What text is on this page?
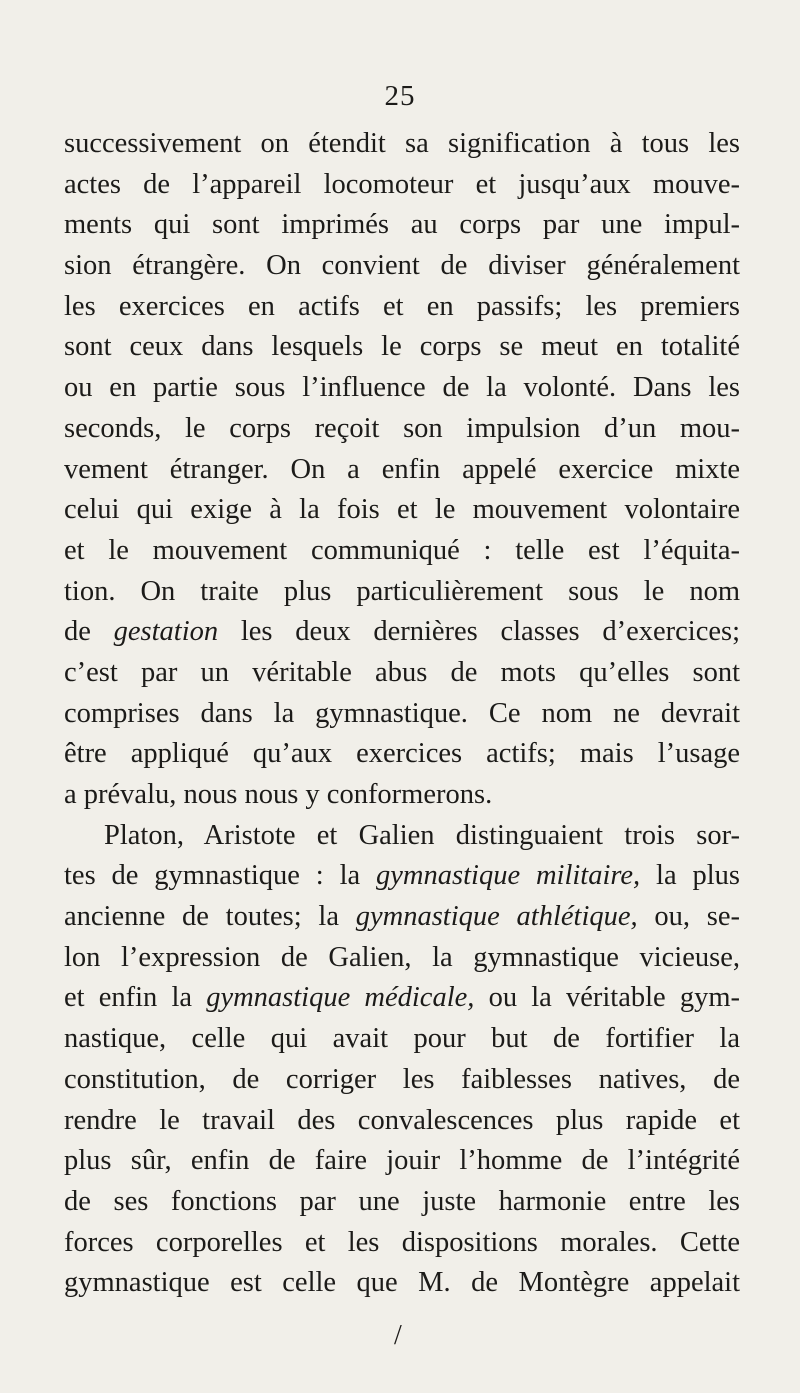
25
successivement on étendit sa signification à tous les
actes de l’appareil locomoteur et jusqu’aux mouve-
ments qui sont imprimés au corps par une impul-
sion étrangère. On convient de diviser généralement
les exercices en actifs et en passifs; les premiers
sont ceux dans lesquels le corps se meut en totalité
ou en partie sous l’influence de la volonté. Dans les
seconds, le corps reçoit son impulsion d’un mou-
vement étranger. On a enfin appelé exercice mixte
celui qui exige à la fois et le mouvement volontaire
et le mouvement communiqué : telle est l’équita-
tion. On traite plus particulièrement sous le nom
de gestation les deux dernières classes d’exercices;
c’est par un véritable abus de mots qu’elles sont
comprises dans la gymnastique. Ce nom ne devrait
être appliqué qu’aux exercices actifs; mais l’usage
a prévalu, nous nous y conformerons.
Platon, Aristote et Galien distinguaient trois sor-
tes de gymnastique : la gymnastique militaire, la plus
ancienne de toutes; la gymnastique athlétique, ou, se-
lon l’expression de Galien, la gymnastique vicieuse,
et enfin la gymnastique médicale, ou la véritable gym-
nastique, celle qui avait pour but de fortifier la
constitution, de corriger les faiblesses natives, de
rendre le travail des convalescences plus rapide et
plus sûr, enfin de faire jouir l’homme de l’intégrité
de ses fonctions par une juste harmonie entre les
forces corporelles et les dispositions morales. Cette
gymnastique est celle que M. de Montègre appelait
/
